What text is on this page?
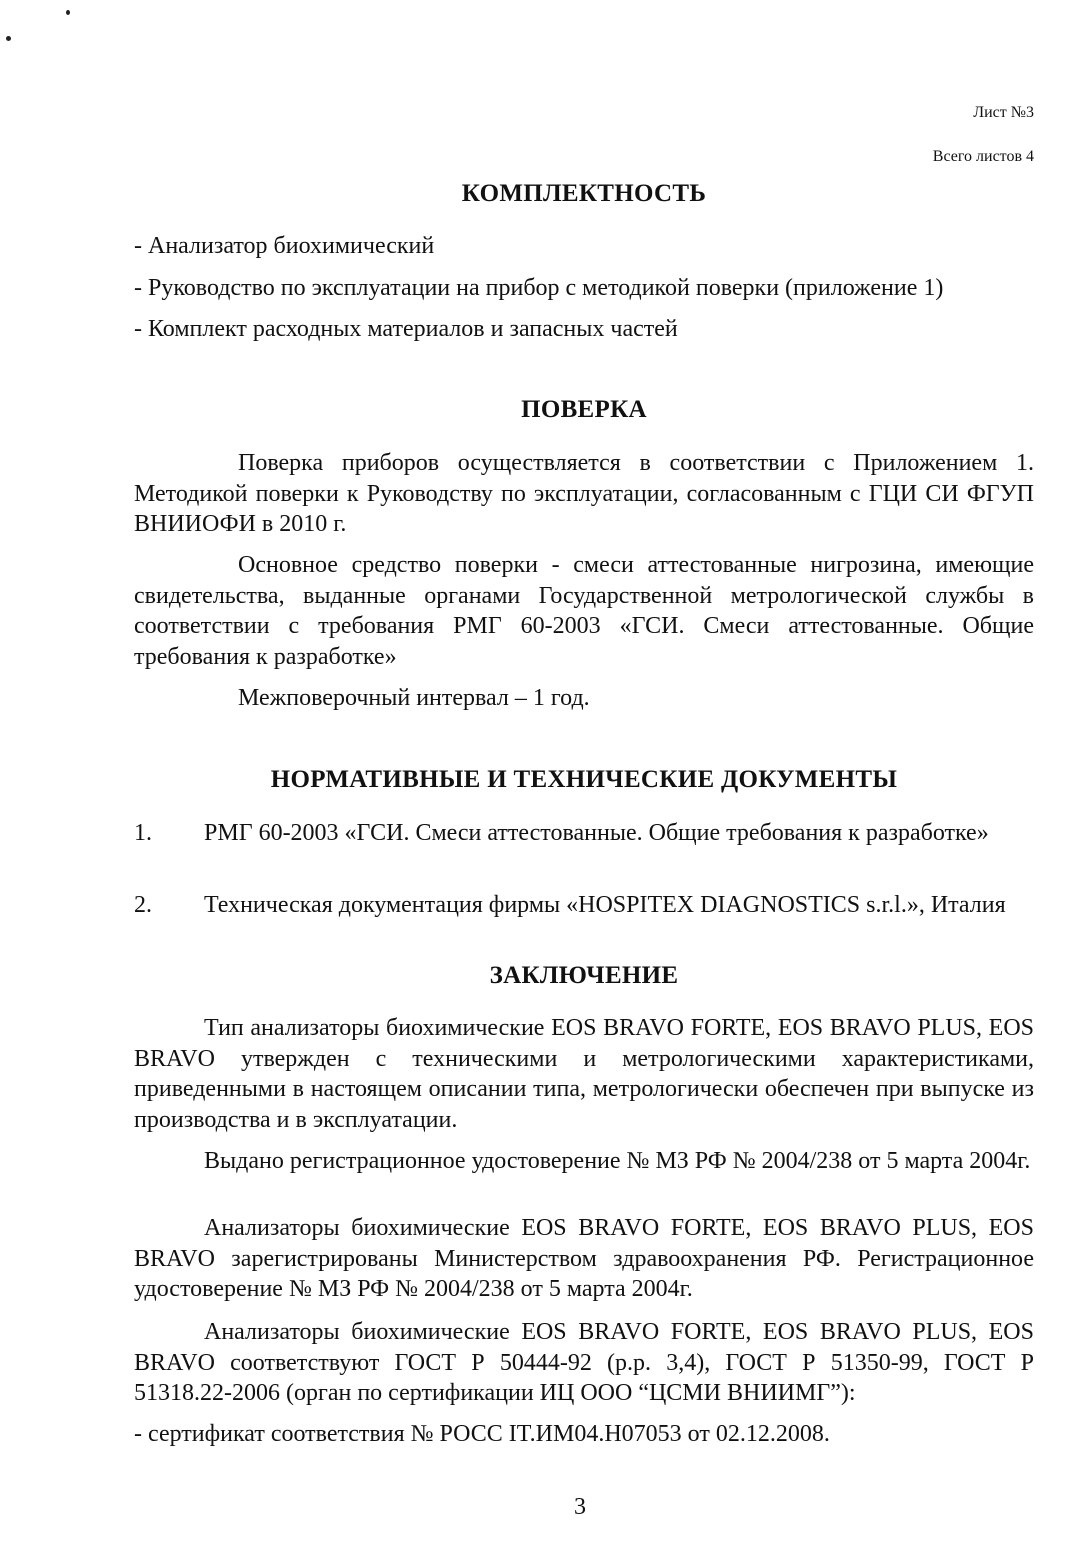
Лист №3
Всего листов 4
КОМПЛЕКТНОСТЬ
- Анализатор биохимический
- Руководство по эксплуатации на прибор с методикой поверки (приложение 1)
- Комплект расходных материалов и запасных частей
ПОВЕРКА
Поверка приборов осуществляется в соответствии с Приложением 1. Методикой поверки к Руководству по эксплуатации, согласованным с ГЦИ СИ ФГУП ВНИИОФИ в 2010 г.
Основное средство поверки - смеси аттестованные нигрозина, имеющие свидетельства, выданные органами Государственной метрологической службы в соответствии с требования РМГ 60-2003 «ГСИ. Смеси аттестованные. Общие требования к разработке»
Межповерочный интервал – 1 год.
НОРМАТИВНЫЕ И ТЕХНИЧЕСКИЕ ДОКУМЕНТЫ
1. РМГ 60-2003 «ГСИ. Смеси аттестованные. Общие требования к разработке»
2. Техническая документация фирмы «HOSPITEX DIAGNOSTICS s.r.l.», Италия
ЗАКЛЮЧЕНИЕ
Тип анализаторы биохимические EOS BRAVO FORTE, EOS BRAVO PLUS, EOS BRAVO утвержден с техническими и метрологическими характеристиками, приведенными в настоящем описании типа, метрологически обеспечен при выпуске из производства и в эксплуатации.
Выдано регистрационное удостоверение № МЗ РФ № 2004/238 от 5 марта 2004г.
Анализаторы биохимические EOS BRAVO FORTE, EOS BRAVO PLUS, EOS BRAVO зарегистрированы Министерством здравоохранения РФ. Регистрационное удостоверение № МЗ РФ № 2004/238 от 5 марта 2004г.
Анализаторы биохимические EOS BRAVO FORTE, EOS BRAVO PLUS, EOS BRAVO соответствуют ГОСТ Р 50444-92 (р.р. 3,4), ГОСТ Р 51350-99, ГОСТ Р 51318.22-2006 (орган по сертификации ИЦ ООО “ЦСМИ ВНИИМГ”):
- сертификат соответствия № РОСС IT.ИМ04.Н07053 от 02.12.2008.
3
